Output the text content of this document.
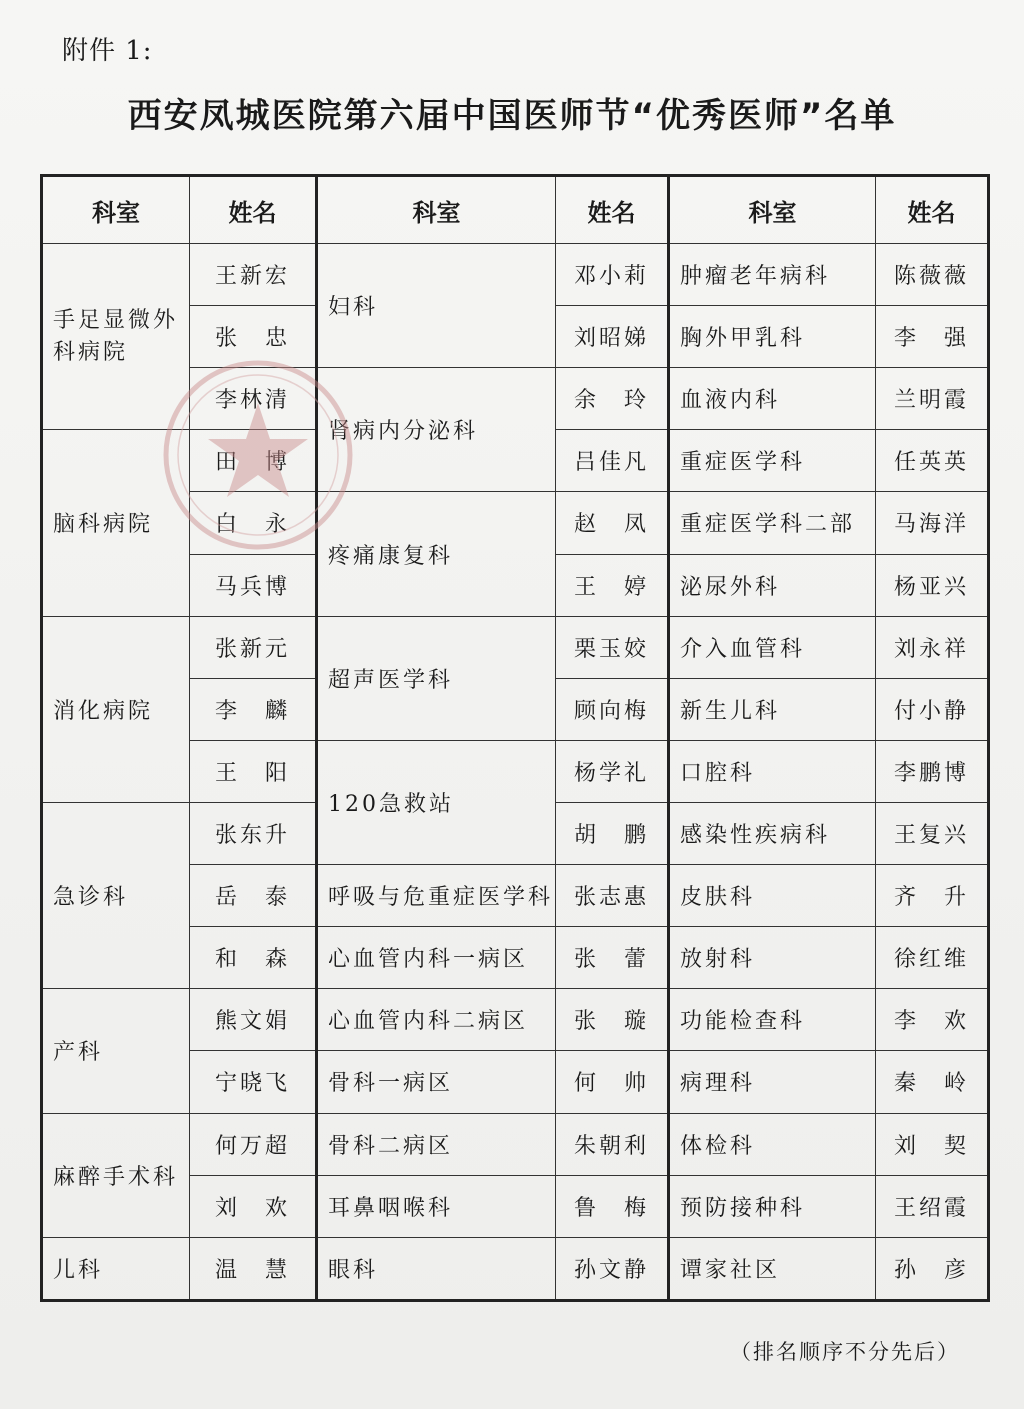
附件 1:
西安凤城医院第六届中国医师节“优秀医师”名单
科室	姓名	科室	姓名	科室	姓名
手足显微外科病院	王新宏	妇科	邓小莉	肿瘤老年病科	陈薇薇
	张　忠		刘昭娣	胸外甲乳科	李　强
	李林清	肾病内分泌科	余　玲	血液内科	兰明霞
脑科病院	田　博		吕佳凡	重症医学科	任英英
	白　永	疼痛康复科	赵　凤	重症医学科二部	马海洋
	马兵博		王　婷	泌尿外科	杨亚兴
消化病院	张新元	超声医学科	栗玉姣	介入血管科	刘永祥
	李　麟		顾向梅	新生儿科	付小静
	王　阳	120急救站	杨学礼	口腔科	李鹏博
急诊科	张东升		胡　鹏	感染性疾病科	王复兴
	岳　泰	呼吸与危重症医学科	张志惠	皮肤科	齐　升
	和　森	心血管内科一病区	张　蕾	放射科	徐红维
产科	熊文娟	心血管内科二病区	张　璇	功能检查科	李　欢
	宁晓飞	骨科一病区	何　帅	病理科	秦　岭
麻醉手术科	何万超	骨科二病区	朱朝利	体检科	刘　契
	刘　欢	耳鼻咽喉科	鲁　梅	预防接种科	王绍霞
儿科	温　慧	眼科	孙文静	谭家社区	孙　彦
（排名顺序不分先后）
